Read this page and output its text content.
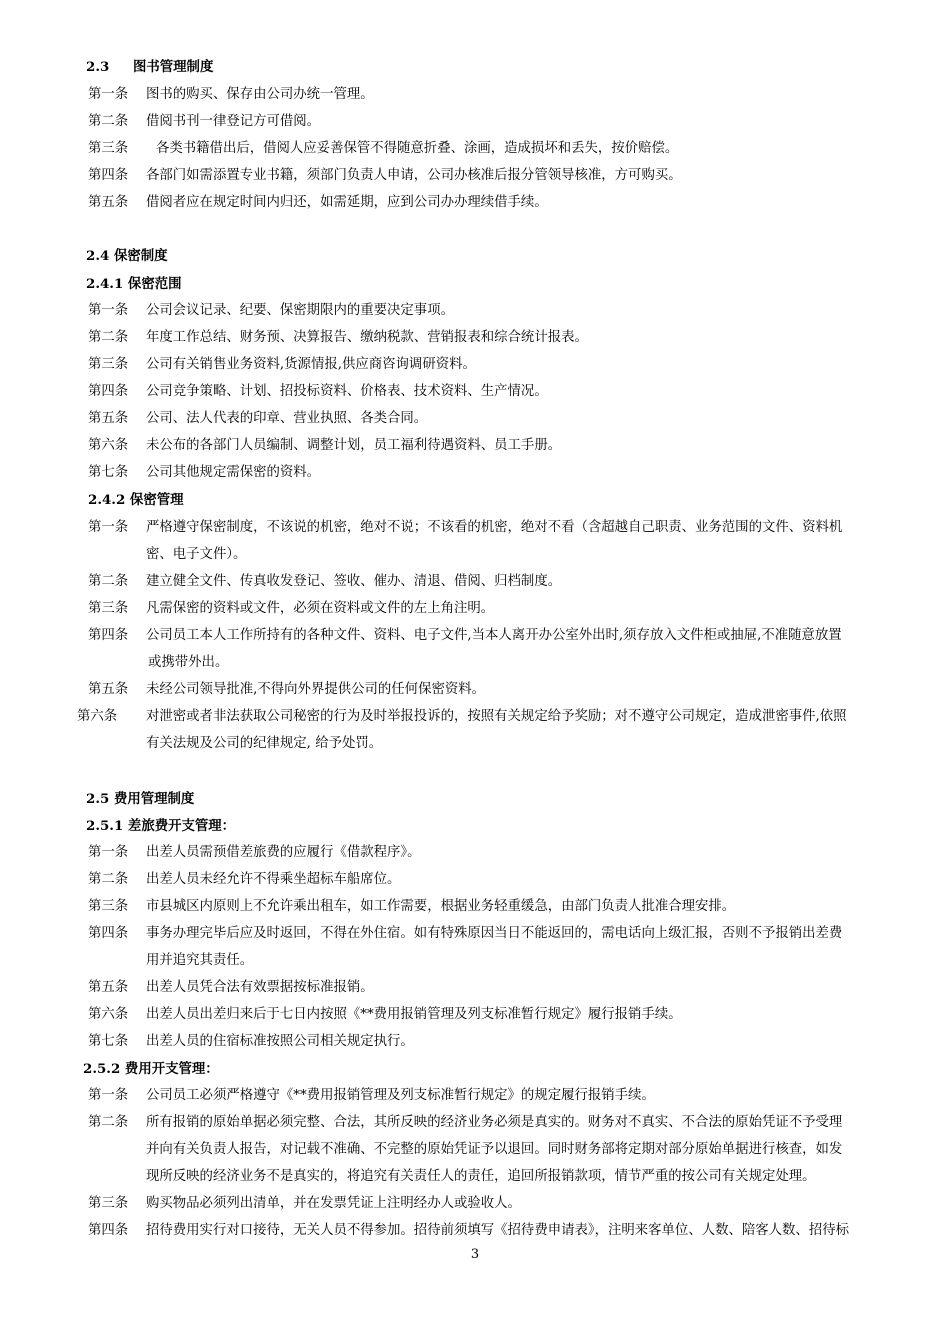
2.3 图书管理制度
第一条 图书的购买、保存由公司办统一管理。
第二条 借阅书刊一律登记方可借阅。
第三条 各类书籍借出后，借阅人应妥善保管不得随意折叠、涂画，造成损坏和丢失，按价赔偿。
第四条 各部门如需添置专业书籍，须部门负责人申请，公司办核准后报分管领导核准，方可购买。
第五条 借阅者应在规定时间内归还，如需延期，应到公司办办理续借手续。
2.4 保密制度
2.4.1 保密范围
第一条 公司会议记录、纪要、保密期限内的重要决定事项。
第二条 年度工作总结、财务预、决算报告、缴纳税款、营销报表和综合统计报表。
第三条 公司有关销售业务资料,货源情报,供应商咨询调研资料。
第四条 公司竞争策略、计划、招投标资料、价格表、技术资料、生产情况。
第五条 公司、法人代表的印章、营业执照、各类合同。
第六条 未公布的各部门人员编制、调整计划，员工福利待遇资料、员工手册。
第七条 公司其他规定需保密的资料。
2.4.2 保密管理
第一条 严格遵守保密制度，不该说的机密，绝对不说；不该看的机密，绝对不看（含超越自己职责、业务范围的文件、资料机
密、电子文件）。
第二条 建立健全文件、传真收发登记、签收、催办、清退、借阅、归档制度。
第三条 凡需保密的资料或文件，必须在资料或文件的左上角注明。
第四条 公司员工本人工作所持有的各种文件、资料、电子文件,当本人离开办公室外出时,须存放入文件柜或抽屉,不准随意放置
或携带外出。
第五条 未经公司领导批准,不得向外界提供公司的任何保密资料。
第六条 对泄密或者非法获取公司秘密的行为及时举报投诉的，按照有关规定给予奖励；对不遵守公司规定，造成泄密事件,依照
有关法规及公司的纪律规定, 给予处罚。
2.5 费用管理制度
2.5.1 差旅费开支管理：
第一条 出差人员需预借差旅费的应履行《借款程序》。
第二条 出差人员未经允许不得乘坐超标车船席位。
第三条 市县城区内原则上不允许乘出租车，如工作需要，根据业务轻重缓急，由部门负责人批准合理安排。
第四条 事务办理完毕后应及时返回，不得在外住宿。如有特殊原因当日不能返回的，需电话向上级汇报，否则不予报销出差费
用并追究其责任。
第五条 出差人员凭合法有效票据按标准报销。
第六条 出差人员出差归来后于七日内按照《**费用报销管理及列支标准暂行规定》履行报销手续。
第七条 出差人员的住宿标准按照公司相关规定执行。
2.5.2 费用开支管理：
第一条 公司员工必须严格遵守《**费用报销管理及列支标准暂行规定》的规定履行报销手续。
第二条 所有报销的原始单据必须完整、合法，其所反映的经济业务必须是真实的。财务对不真实、不合法的原始凭证不予受理
并向有关负责人报告，对记载不准确、不完整的原始凭证予以退回。同时财务部将定期对部分原始单据进行核查，如发
现所反映的经济业务不是真实的，将追究有关责任人的责任，追回所报销款项，情节严重的按公司有关规定处理。
第三条 购买物品必须列出清单，并在发票凭证上注明经办人或验收人。
第四条 招待费用实行对口接待，无关人员不得参加。招待前须填写《招待费申请表》，注明来客单位、人数、陪客人数、招待标
3
